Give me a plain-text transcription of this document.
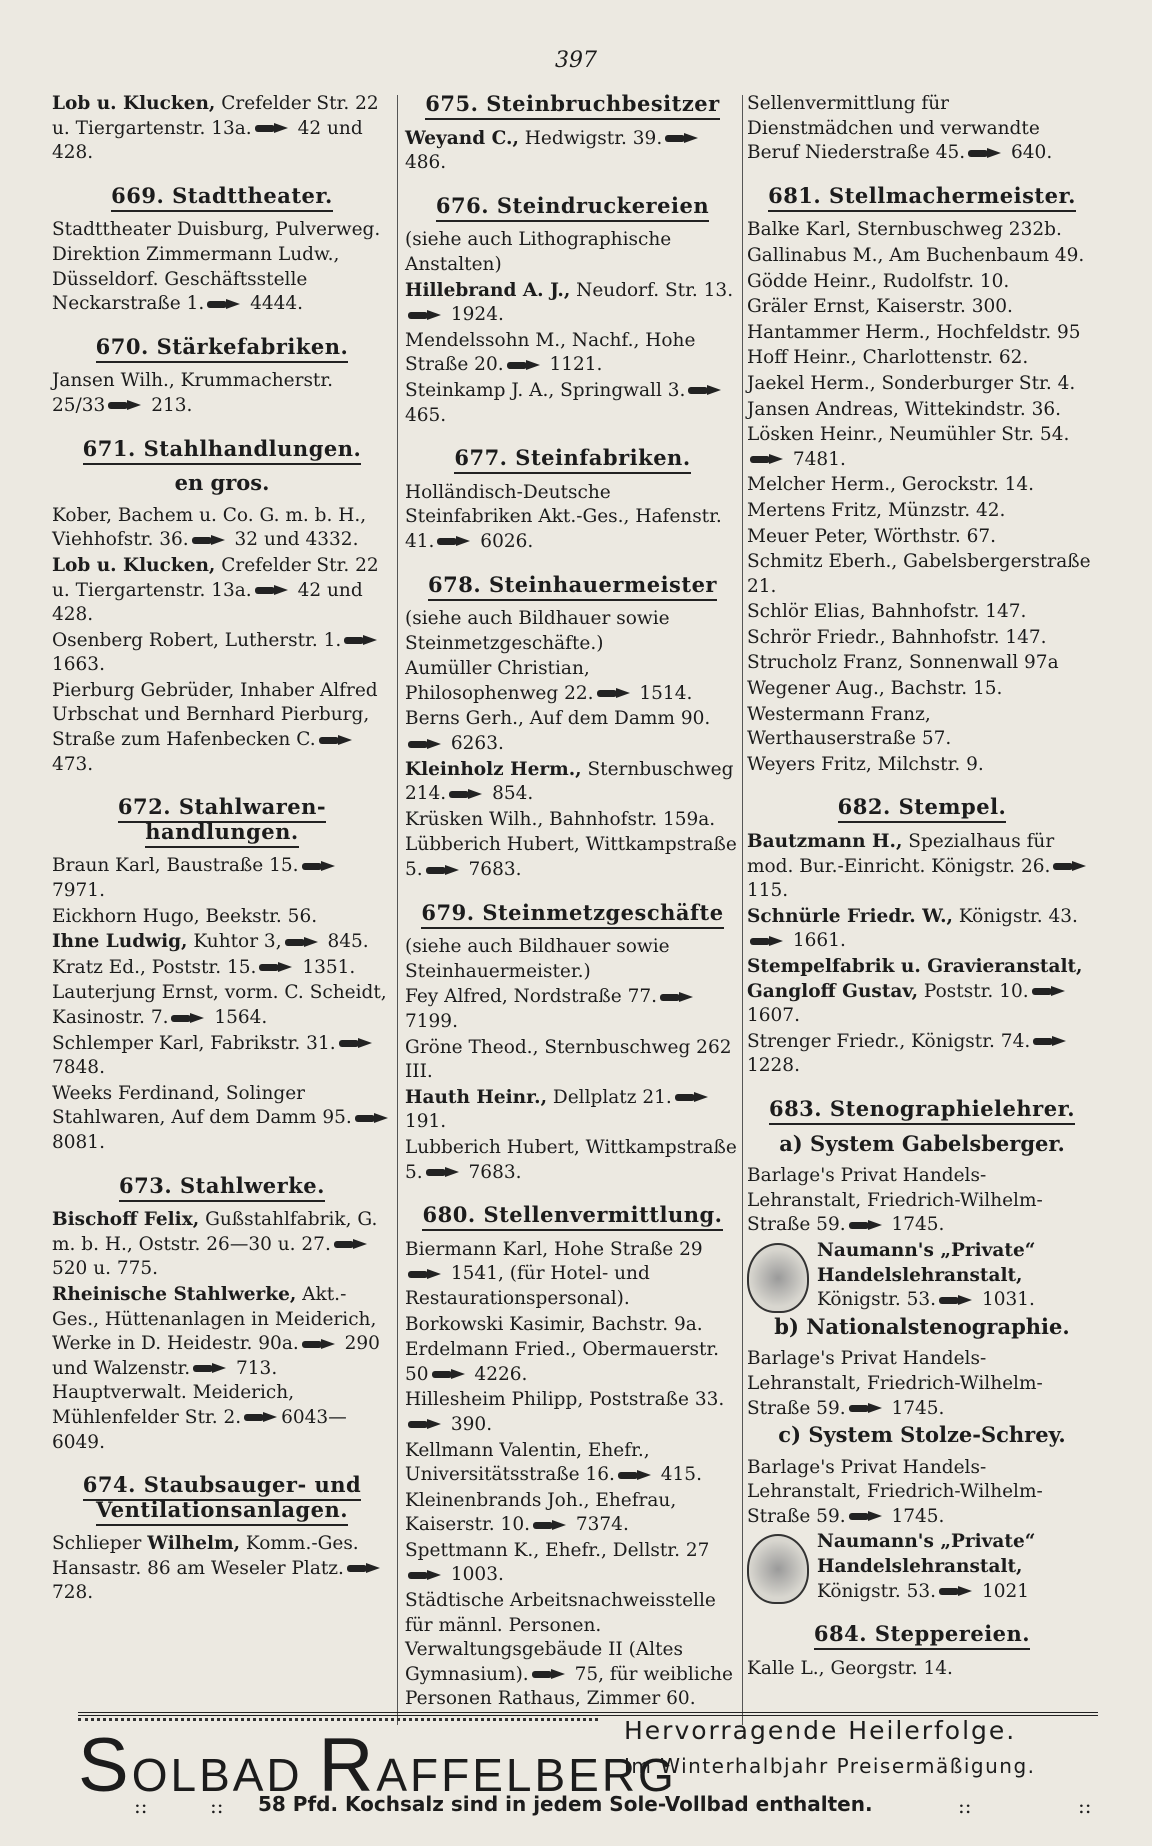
397
Lob u. Klucken, Crefelder Str. 22 u. Tiergartenstr. 13a. 42 und 428.
669. Stadttheater.
Stadttheater Duisburg, Pulverweg. Direktion Zimmermann Ludw., Düsseldorf. Geschäftsstelle Neckarstraße 1. 4444.
670. Stärkefabriken.
Jansen Wilh., Krummacherstr. 25/33 213.
671. Stahlhandlungen.
en gros.
Kober, Bachem u. Co. G. m. b. H., Viehhofstr. 36. 32 und 4332.
Lob u. Klucken, Crefelder Str. 22 u. Tiergartenstr. 13a. 42 und 428.
Osenberg Robert, Lutherstr. 1. 1663.
Pierburg Gebrüder, Inhaber Alfred Urbschat und Bernhard Pierburg, Straße zum Hafenbecken C. 473.
672. Stahlwaren-handlungen.
Braun Karl, Baustraße 15. 7971.
Eickhorn Hugo, Beekstr. 56.
Ihne Ludwig, Kuhtor 3, 845.
Kratz Ed., Poststr. 15. 1351.
Lauterjung Ernst, vorm. C. Scheidt, Kasinostr. 7. 1564.
Schlemper Karl, Fabrikstr. 31. 7848.
Weeks Ferdinand, Solinger Stahlwaren, Auf dem Damm 95. 8081.
673. Stahlwerke.
Bischoff Felix, Gußstahlfabrik, G. m. b. H., Oststr. 26—30 u. 27. 520 u. 775.
Rheinische Stahlwerke, Akt.-Ges., Hüttenanlagen in Meiderich, Werke in D. Heidestr. 90a. 290 und Walzenstr. 713. Hauptverwalt. Meiderich, Mühlenfelder Str. 2. 6043—6049.
674. Staubsauger- und Ventilationsanlagen.
Schlieper Wilhelm, Komm.-Ges. Hansastr. 86 am Weseler Platz. 728.
675. Steinbruchbesitzer
Weyand C., Hedwigstr. 39. 486.
676. Steindruckereien
(siehe auch Lithographische Anstalten)
Hillebrand A. J., Neudorf. Str. 13. 1924.
Mendelssohn M., Nachf., Hohe Straße 20. 1121.
Steinkamp J. A., Springwall 3. 465.
677. Steinfabriken.
Holländisch-Deutsche Steinfabriken Akt.-Ges., Hafenstr. 41. 6026.
678. Steinhauermeister
(siehe auch Bildhauer sowie Steinmetzgeschäfte.)
Aumüller Christian, Philosophenweg 22. 1514.
Berns Gerh., Auf dem Damm 90. 6263.
Kleinholz Herm., Sternbuschweg 214. 854.
Krüsken Wilh., Bahnhofstr. 159a.
Lübberich Hubert, Wittkampstraße 5. 7683.
679. Steinmetzgeschäfte
(siehe auch Bildhauer sowie Steinhauermeister.)
Fey Alfred, Nordstraße 77. 7199.
Gröne Theod., Sternbuschweg 262 III.
Hauth Heinr., Dellplatz 21. 191.
Lubberich Hubert, Wittkampstraße 5. 7683.
680. Stellenvermittlung.
Biermann Karl, Hohe Straße 29 1541, (für Hotel- und Restaurationspersonal).
Borkowski Kasimir, Bachstr. 9a.
Erdelmann Fried., Obermauerstr. 50 4226.
Hillesheim Philipp, Poststraße 33. 390.
Kellmann Valentin, Ehefr., Universitätsstraße 16. 415.
Kleinenbrands Joh., Ehefrau, Kaiserstr. 10. 7374.
Spettmann K., Ehefr., Dellstr. 27 1003.
Städtische Arbeitsnachweisstelle für männl. Personen. Verwaltungsgebäude II (Altes Gymnasium). 75, für weibliche Personen Rathaus, Zimmer 60.
Sellenvermittlung für Dienstmädchen und verwandte Beruf Niederstraße 45. 640.
681. Stellmachermeister.
Balke Karl, Sternbuschweg 232b.
Gallinabus M., Am Buchenbaum 49.
Gödde Heinr., Rudolfstr. 10.
Gräler Ernst, Kaiserstr. 300.
Hantammer Herm., Hochfeldstr. 95
Hoff Heinr., Charlottenstr. 62.
Jaekel Herm., Sonderburger Str. 4.
Jansen Andreas, Wittekindstr. 36.
Lösken Heinr., Neumühler Str. 54. 7481.
Melcher Herm., Gerockstr. 14.
Mertens Fritz, Münzstr. 42.
Meuer Peter, Wörthstr. 67.
Schmitz Eberh., Gabelsbergerstraße 21.
Schlör Elias, Bahnhofstr. 147.
Schrör Friedr., Bahnhofstr. 147.
Strucholz Franz, Sonnenwall 97a
Wegener Aug., Bachstr. 15.
Westermann Franz, Werthauserstraße 57.
Weyers Fritz, Milchstr. 9.
682. Stempel.
Bautzmann H., Spezialhaus für mod. Bur.-Einricht. Königstr. 26. 115.
Schnürle Friedr. W., Königstr. 43. 1661.
Stempelfabrik u. Gravieranstalt, Gangloff Gustav, Poststr. 10. 1607.
Strenger Friedr., Königstr. 74. 1228.
683. Stenographielehrer.
a) System Gabelsberger.
Barlage's Privat Handels-Lehranstalt, Friedrich-Wilhelm-Straße 59. 1745.
Naumann's „Private“ Handelslehranstalt, Königstr. 53. 1031.
b) Nationalstenographie.
Barlage's Privat Handels-Lehranstalt, Friedrich-Wilhelm-Straße 59. 1745.
c) System Stolze-Schrey.
Barlage's Privat Handels-Lehranstalt, Friedrich-Wilhelm-Straße 59. 1745.
Naumann's „Private“ Handelslehranstalt, Königstr. 53. 1021
684. Steppereien.
Kalle L., Georgstr. 14.
SOLBAD RAFFELBERG
Hervorragende Heilerfolge.
Im Winterhalbjahr Preisermäßigung.
::	:: 58 Pfd. Kochsalz sind in jedem Sole-Vollbad enthalten.	::	::
